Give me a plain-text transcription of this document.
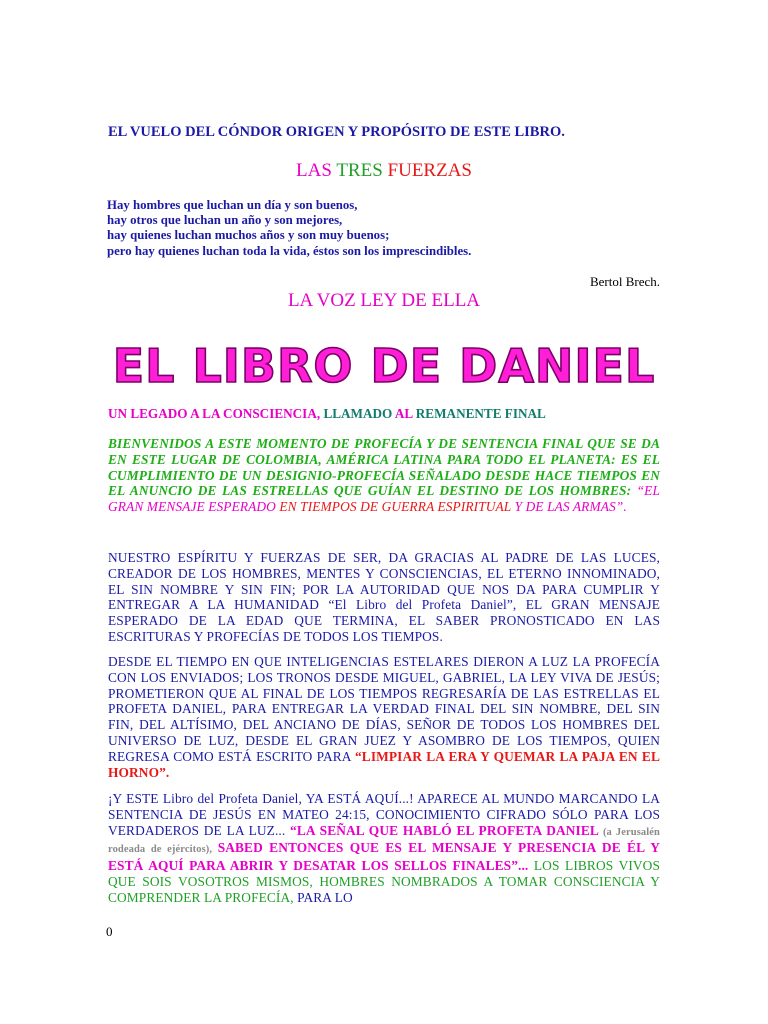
EL VUELO DEL CÓNDOR ORIGEN Y PROPÓSITO DE ESTE LIBRO.
LAS TRES FUERZAS
Hay hombres que luchan un día y son buenos,
hay otros que luchan un año y son mejores,
hay quienes luchan muchos años y son muy buenos;
pero hay quienes luchan toda la vida, éstos son los imprescindibles.
Bertol Brech.
LA VOZ LEY DE ELLA
EL LIBRO DE DANIEL
UN LEGADO A LA CONSCIENCIA, LLAMADO AL REMANENTE FINAL
BIENVENIDOS A ESTE MOMENTO DE PROFECÍA Y DE SENTENCIA FINAL QUE SE DA EN ESTE LUGAR DE COLOMBIA, AMÉRICA LATINA PARA TODO EL PLANETA: ES EL CUMPLIMIENTO DE UN DESIGNIO-PROFECÍA SEÑALADO DESDE HACE TIEMPOS EN EL ANUNCIO DE LAS ESTRELLAS QUE GUÍAN EL DESTINO DE LOS HOMBRES: “EL GRAN MENSAJE ESPERADO EN TIEMPOS DE GUERRA ESPIRITUAL Y DE LAS ARMAS”.
NUESTRO ESPÍRITU Y FUERZAS DE SER, DA GRACIAS AL PADRE DE LAS LUCES, CREADOR DE LOS HOMBRES, MENTES Y CONSCIENCIAS, EL ETERNO INNOMINADO, EL SIN NOMBRE Y SIN FIN; POR LA AUTORIDAD QUE NOS DA PARA CUMPLIR Y ENTREGAR A LA HUMANIDAD “El Libro del Profeta Daniel”, EL GRAN MENSAJE ESPERADO DE LA EDAD QUE TERMINA, EL SABER PRONOSTICADO EN LAS ESCRITURAS Y PROFECÍAS DE TODOS LOS TIEMPOS.
DESDE EL TIEMPO EN QUE INTELIGENCIAS ESTELARES DIERON A LUZ LA PROFECÍA CON LOS ENVIADOS; LOS TRONOS DESDE MIGUEL, GABRIEL, LA LEY VIVA DE JESÚS; PROMETIERON QUE AL FINAL DE LOS TIEMPOS REGRESARÍA DE LAS ESTRELLAS EL PROFETA DANIEL, PARA ENTREGAR LA VERDAD FINAL DEL SIN NOMBRE, DEL SIN FIN, DEL ALTÍSIMO, DEL ANCIANO DE DÍAS, SEÑOR DE TODOS LOS HOMBRES DEL UNIVERSO DE LUZ, DESDE EL GRAN JUEZ Y ASOMBRO DE LOS TIEMPOS, QUIEN REGRESA COMO ESTÁ ESCRITO PARA “LIMPIAR LA ERA Y QUEMAR LA PAJA EN EL HORNO”.
¡Y ESTE Libro del Profeta Daniel, YA ESTÁ AQUÍ...! APARECE AL MUNDO MARCANDO LA SENTENCIA DE JESÚS EN MATEO 24:15, CONOCIMIENTO CIFRADO SÓLO PARA LOS VERDADEROS DE LA LUZ... “LA SEÑAL QUE HABLÓ EL PROFETA DANIEL (a Jerusalén rodeada de ejércitos), SABED ENTONCES QUE ES EL MENSAJE Y PRESENCIA DE ÉL Y ESTÁ AQUÍ PARA ABRIR Y DESATAR LOS SELLOS FINALES”... LOS LIBROS VIVOS QUE SOIS VOSOTROS MISMOS, HOMBRES NOMBRADOS A TOMAR CONSCIENCIA Y COMPRENDER LA PROFECÍA, PARA LO
0
